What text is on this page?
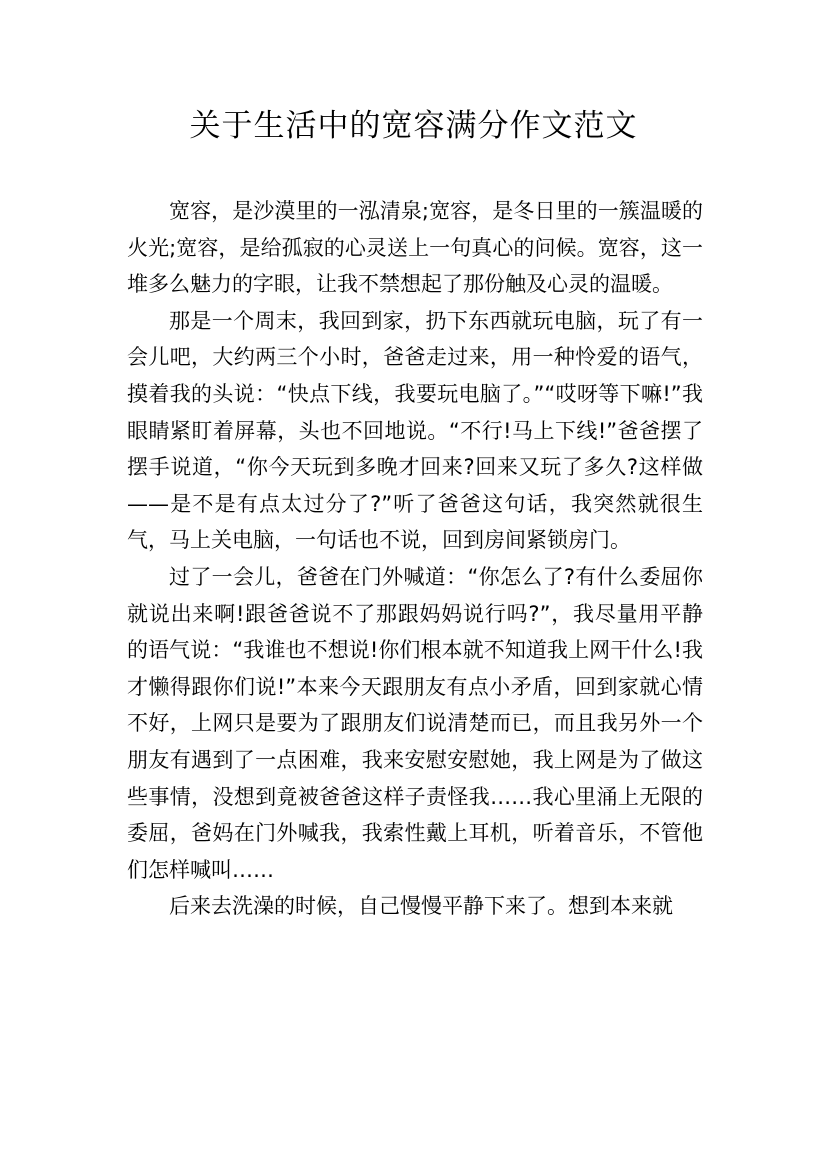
关于生活中的宽容满分作文范文

宽容，是沙漠里的一泓清泉;宽容，是冬日里的一簇温暖的火光;宽容，是给孤寂的心灵送上一句真心的问候。宽容，这一堆多么魅力的字眼，让我不禁想起了那份触及心灵的温暖。

那是一个周末，我回到家，扔下东西就玩电脑，玩了有一会儿吧，大约两三个小时，爸爸走过来，用一种怜爱的语气，摸着我的头说：“快点下线，我要玩电脑了。”“哎呀等下嘛!”我眼睛紧盯着屏幕，头也不回地说。“不行!马上下线!”爸爸摆了摆手说道，“你今天玩到多晚才回来?回来又玩了多久?这样做——是不是有点太过分了?”听了爸爸这句话，我突然就很生气，马上关电脑，一句话也不说，回到房间紧锁房门。

过了一会儿，爸爸在门外喊道：“你怎么了?有什么委屈你就说出来啊!跟爸爸说不了那跟妈妈说行吗?”，我尽量用平静的语气说：“我谁也不想说!你们根本就不知道我上网干什么!我才懒得跟你们说!”本来今天跟朋友有点小矛盾，回到家就心情不好，上网只是要为了跟朋友们说清楚而已，而且我另外一个朋友有遇到了一点困难，我来安慰安慰她，我上网是为了做这些事情，没想到竟被爸爸这样子责怪我……我心里涌上无限的委屈，爸妈在门外喊我，我索性戴上耳机，听着音乐，不管他们怎样喊叫……

后来去洗澡的时候，自己慢慢平静下来了。想到本来就
